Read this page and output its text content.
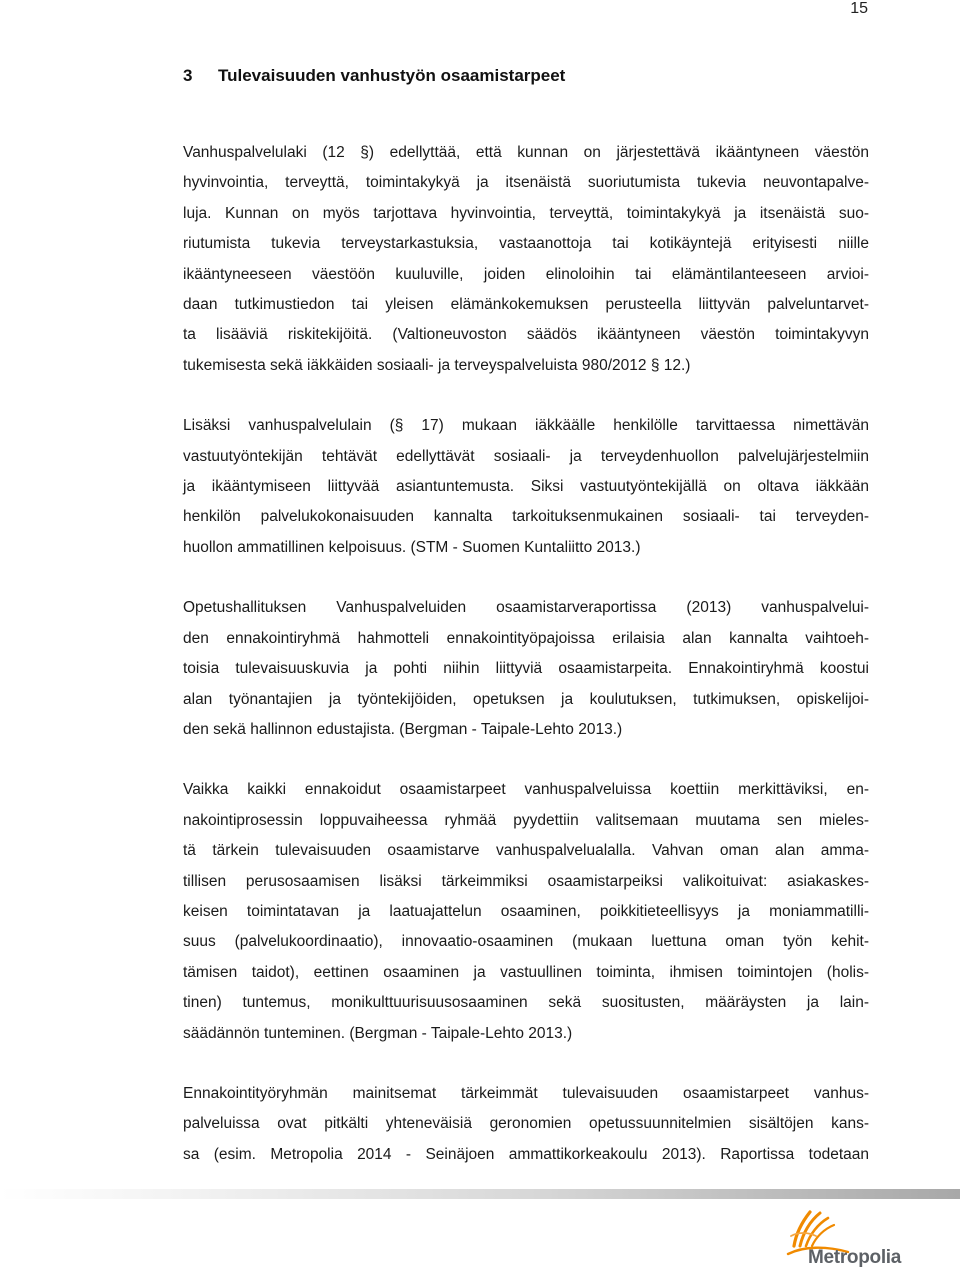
15
3	Tulevaisuuden vanhustyön osaamistarpeet

Vanhuspalvelulaki (12 §) edellyttää, että kunnan on järjestettävä ikääntyneen väestön
hyvinvointia, terveyttä, toimintakykyä ja itsenäistä suoriutumista tukevia neuvontapalve-
luja. Kunnan on myös tarjottava hyvinvointia, terveyttä, toimintakykyä ja itsenäistä suo-
riutumista tukevia terveystarkastuksia, vastaanottoja tai kotikäyntejä erityisesti niille
ikääntyneeseen väestöön kuuluville, joiden elinoloihin tai elämäntilanteeseen arvioi-
daan tutkimustiedon tai yleisen elämänkokemuksen perusteella liittyvän palveluntarvet-
ta lisääviä riskitekijöitä. (Valtioneuvoston säädös ikääntyneen väestön toimintakyvyn
tukemisesta sekä iäkkäiden sosiaali- ja terveyspalveluista 980/2012 § 12.)

Lisäksi vanhuspalvelulain (§ 17) mukaan iäkkäälle henkilölle tarvittaessa nimettävän
vastuutyöntekijän tehtävät edellyttävät sosiaali- ja terveydenhuollon palvelujärjestelmiin
ja ikääntymiseen liittyvää asiantuntemusta. Siksi vastuutyöntekijällä on oltava iäkkään
henkilön palvelukokonaisuuden kannalta tarkoituksenmukainen sosiaali- tai terveyden-
huollon ammatillinen kelpoisuus. (STM - Suomen Kuntaliitto 2013.)

Opetushallituksen Vanhuspalveluiden osaamistarveraportissa (2013) vanhuspalvelui-
den ennakointiryhmä hahmotteli ennakointityöpajoissa erilaisia alan kannalta vaihtoeh-
toisia tulevaisuuskuvia ja pohti niihin liittyviä osaamistarpeita. Ennakointiryhmä koostui
alan työnantajien ja työntekijöiden, opetuksen ja koulutuksen, tutkimuksen, opiskelijoi-
den sekä hallinnon edustajista. (Bergman - Taipale-Lehto 2013.)

Vaikka kaikki ennakoidut osaamistarpeet vanhuspalveluissa koettiin merkittäviksi, en-
nakointiprosessin loppuvaiheessa ryhmää pyydettiin valitsemaan muutama sen mieles-
tä tärkein tulevaisuuden osaamistarve vanhuspalvelualalla. Vahvan oman alan amma-
tillisen perusosaamisen lisäksi tärkeimmiksi osaamistarpeiksi valikoituivat: asiakaskes-
keisen toimintatavan ja laatuajattelun osaaminen, poikkitieteellisyys ja moniammatilli-
suus (palvelukoordinaatio), innovaatio-osaaminen (mukaan luettuna oman työn kehit-
tämisen taidot), eettinen osaaminen ja vastuullinen toiminta, ihmisen toimintojen (holis-
tinen) tuntemus, monikulttuurisuusosaaminen sekä suositusten, määräysten ja lain-
säädännön tunteminen. (Bergman - Taipale-Lehto 2013.)

Ennakointityöryhmän mainitsemat tärkeimmät tulevaisuuden osaamistarpeet vanhus-
palveluissa ovat pitkälti yhteneväisiä geronomien opetussuunnitelmien sisältöjen kans-
sa (esim. Metropolia 2014 - Seinäjoen ammattikorkeakoulu 2013). Raportissa todetaan

Metropolia
